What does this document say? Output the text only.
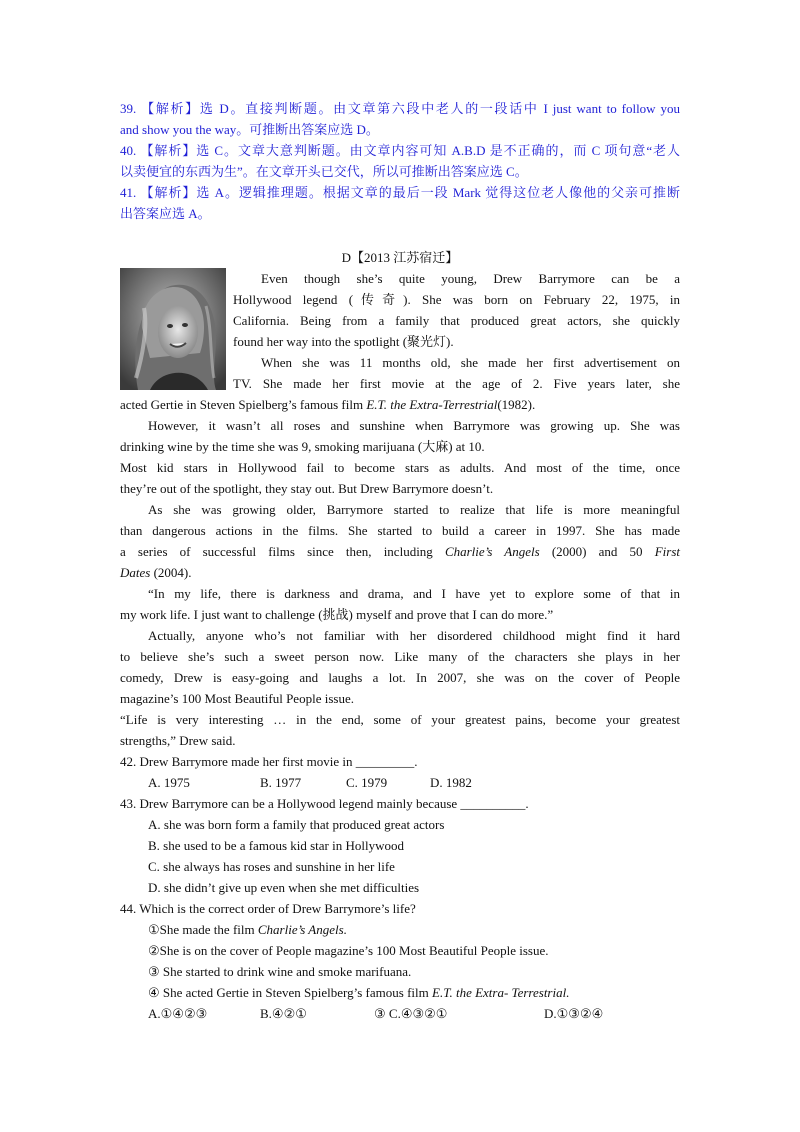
39. 【解析】选 D。直接判断题。由文章第六段中老人的一段话中 I just want to follow you
and show you the way。可推断出答案应选 D。
40. 【解析】选 C。文章大意判断题。由文章内容可知 A.B.D 是不正确的，而 C 项句意“老人
以卖便宜的东西为生”。在文章开头已交代，所以可推断出答案应选 C。
41. 【解析】选 A。逻辑推理题。根据文章的最后一段 Mark 觉得这位老人像他的父亲可推断
出答案应选 A。
D【2013 江苏宿迁】
Even though she’s quite young, Drew Barrymore can be a
Hollywood legend (传奇). She was born on February 22, 1975, in
California. Being from a family that produced great actors, she quickly
found her way into the spotlight (聚光灯).
When she was 11 months old, she made her first advertisement on
TV. She made her first movie at the age of 2. Five years later, she
acted Gertie in Steven Spielberg’s famous film E.T. the Extra-Terrestrial(1982).
However, it wasn’t all roses and sunshine when Barrymore was growing up. She was
drinking wine by the time she was 9, smoking marijuana (大麻) at 10.
Most kid stars in Hollywood fail to become stars as adults. And most of the time, once
they’re out of the spotlight, they stay out. But Drew Barrymore doesn’t.
As she was growing older, Barrymore started to realize that life is more meaningful
than dangerous actions in the films. She started to build a career in 1997. She has made
a series of successful films since then, including Charlie’s Angels (2000) and 50 First
Dates (2004).
“In my life, there is darkness and drama, and I have yet to explore some of that in
my work life. I just want to challenge (挑战) myself and prove that I can do more.”
Actually, anyone who’s not familiar with her disordered childhood might find it hard
to believe she’s such a sweet person now. Like many of the characters she plays in her
comedy, Drew is easy-going and laughs a lot. In 2007, she was on the cover of People
magazine’s 100 Most Beautiful People issue.
“Life is very interesting … in the end, some of your greatest pains, become your greatest
strengths,” Drew said.
42. Drew Barrymore made her first movie in _________.
A. 1975	B. 1977	C. 1979	D. 1982
43. Drew Barrymore can be a Hollywood legend mainly because __________.
A. she was born form a family that produced great actors
B. she used to be a famous kid star in Hollywood
C. she always has roses and sunshine in her life
D. she didn’t give up even when she met difficulties
44. Which is the correct order of Drew Barrymore’s life?
①She made the film Charlie’s Angels.
②She is on the cover of People magazine’s 100 Most Beautiful People issue.
③ She started to drink wine and smoke marifuana.
④ She acted Gertie in Steven Spielberg’s famous film E.T. the Extra- Terrestrial.
A.①④②③	B.④②①	③ C.④③②①	D.①③②④
